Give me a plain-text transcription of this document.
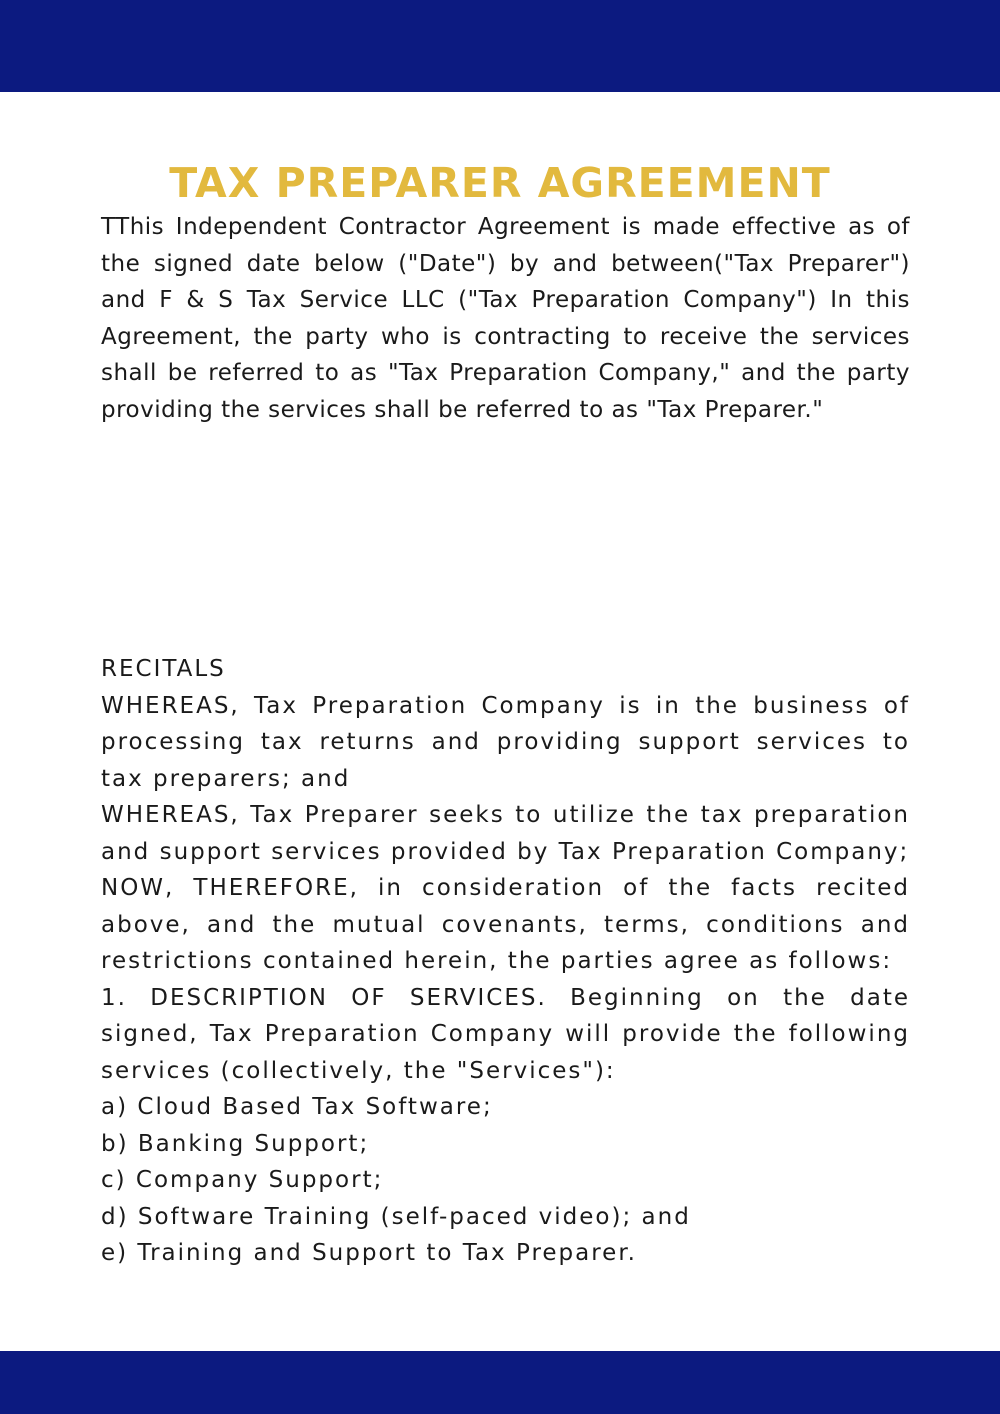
TAX PREPARER AGREEMENT

TThis Independent Contractor Agreement is made effective as of the signed date below ("Date") by and between("Tax Preparer") and F & S Tax Service LLC ("Tax Preparation Company") In this Agreement, the party who is contracting to receive the services shall be referred to as "Tax Preparation Company," and the party providing the services shall be referred to as "Tax Preparer."

RECITALS

WHEREAS, Tax Preparation Company is in the business of processing tax returns and providing support services to tax preparers; and

WHEREAS, Tax Preparer seeks to utilize the tax preparation and support services provided by Tax Preparation Company;

NOW, THEREFORE, in consideration of the facts recited above, and the mutual covenants, terms, conditions and restrictions contained herein, the parties agree as follows:

1. DESCRIPTION OF SERVICES. Beginning on the date signed, Tax Preparation Company will provide the following services (collectively, the "Services"):

a) Cloud Based Tax Software;

b) Banking Support;

c) Company Support;

d) Software Training (self-paced video); and

e) Training and Support to Tax Preparer.
